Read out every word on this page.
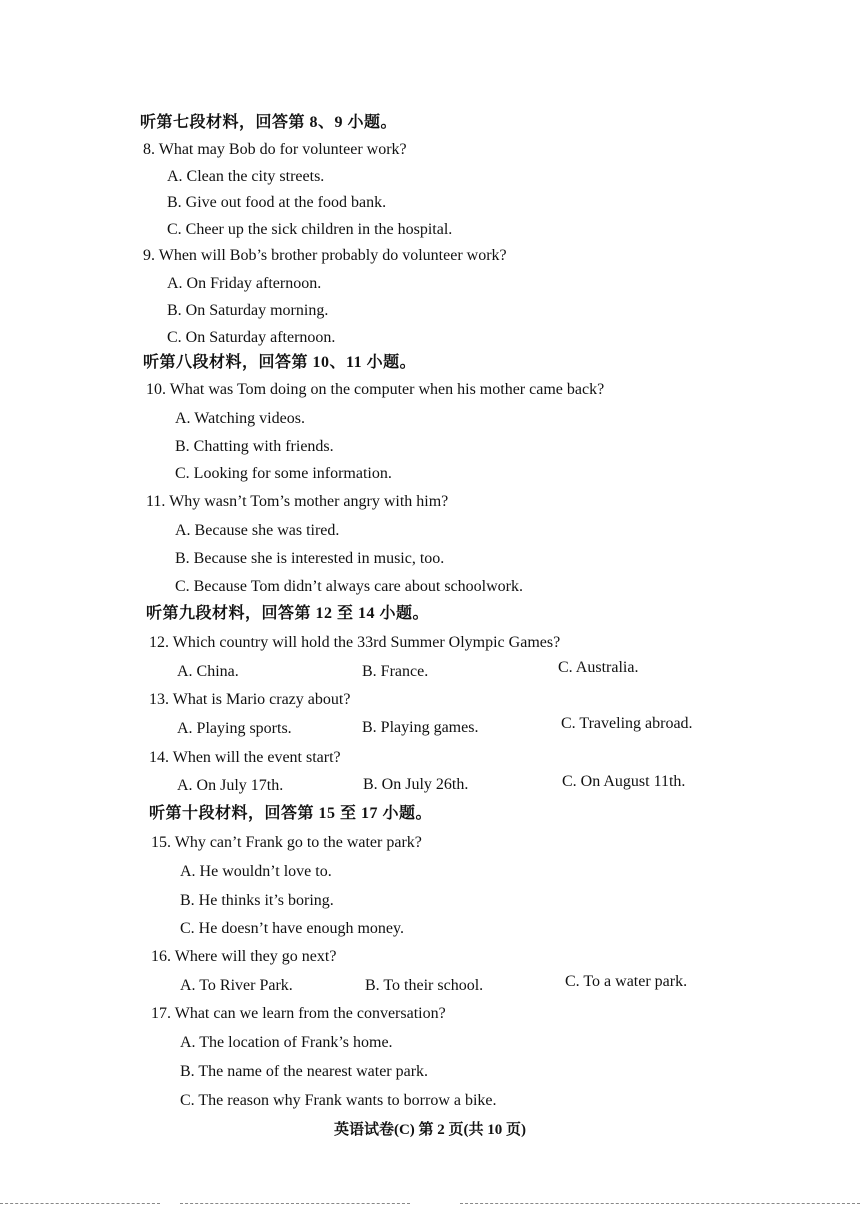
听第七段材料，回答第 8、9 小题。
8. What may Bob do for volunteer work?
A. Clean the city streets.
B. Give out food at the food bank.
C. Cheer up the sick children in the hospital.
9. When will Bob’s brother probably do volunteer work?
A. On Friday afternoon.
B. On Saturday morning.
C. On Saturday afternoon.
听第八段材料，回答第 10、11 小题。
10. What was Tom doing on the computer when his mother came back?
A. Watching videos.
B. Chatting with friends.
C. Looking for some information.
11. Why wasn’t Tom’s mother angry with him?
A. Because she was tired.
B. Because she is interested in music, too.
C. Because Tom didn’t always care about schoolwork.
听第九段材料，回答第 12 至 14 小题。
12. Which country will hold the 33rd Summer Olympic Games?
A. China.	B. France.	C. Australia.
13. What is Mario crazy about?
A. Playing sports.	B. Playing games.	C. Traveling abroad.
14. When will the event start?
A. On July 17th.	B. On July 26th.	C. On August 11th.
听第十段材料，回答第 15 至 17 小题。
15. Why can’t Frank go to the water park?
A. He wouldn’t love to.
B. He thinks it’s boring.
C. He doesn’t have enough money.
16. Where will they go next?
A. To River Park.	B. To their school.	C. To a water park.
17. What can we learn from the conversation?
A. The location of Frank’s home.
B. The name of the nearest water park.
C. The reason why Frank wants to borrow a bike.
英语试卷(C) 第 2 页(共 10 页)
